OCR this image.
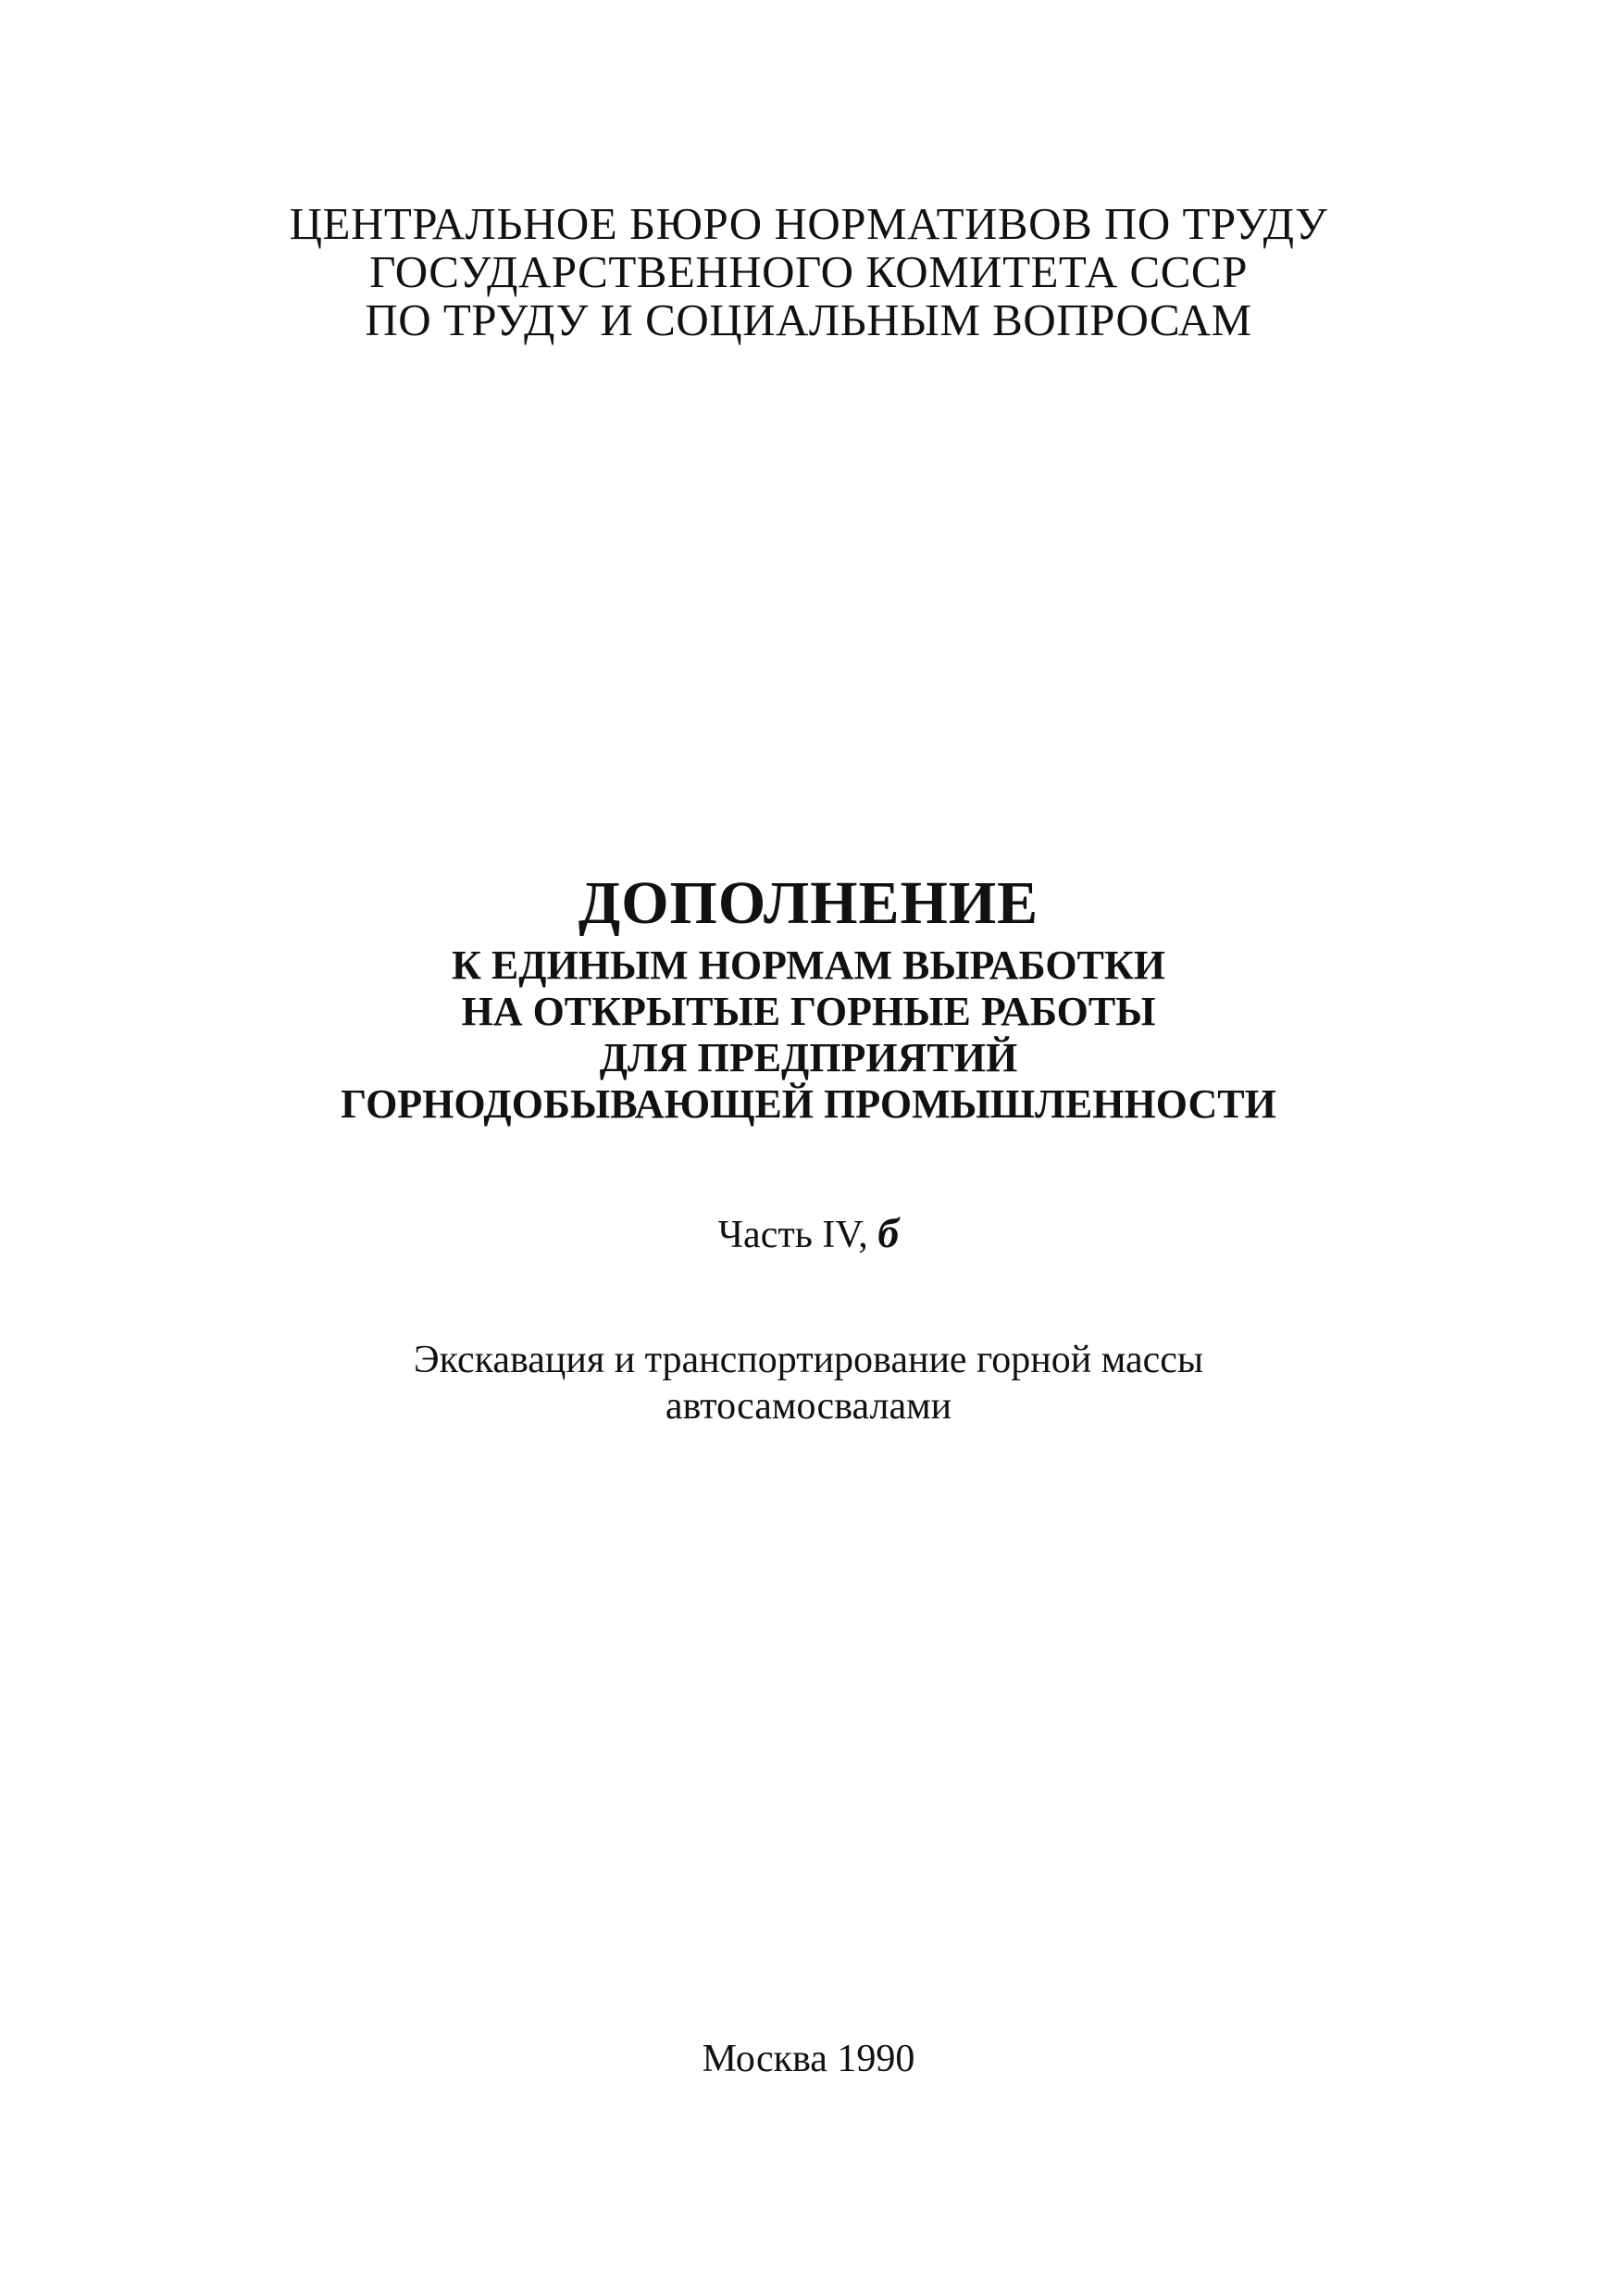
ЦЕНТРАЛЬНОЕ БЮРО НОРМАТИВОВ ПО ТРУДУ
ГОСУДАРСТВЕННОГО КОМИТЕТА СССР
ПО ТРУДУ И СОЦИАЛЬНЫМ ВОПРОСАМ
ДОПОЛНЕНИЕ
К ЕДИНЫМ НОРМАМ ВЫРАБОТКИ
НА ОТКРЫТЫЕ ГОРНЫЕ РАБОТЫ
ДЛЯ ПРЕДПРИЯТИЙ
ГОРНОДОБЫВАЮЩЕЙ ПРОМЫШЛЕННОСТИ
Часть IV, б
Экскавация и транспортирование горной массы
автосамосвалами
Москва 1990
